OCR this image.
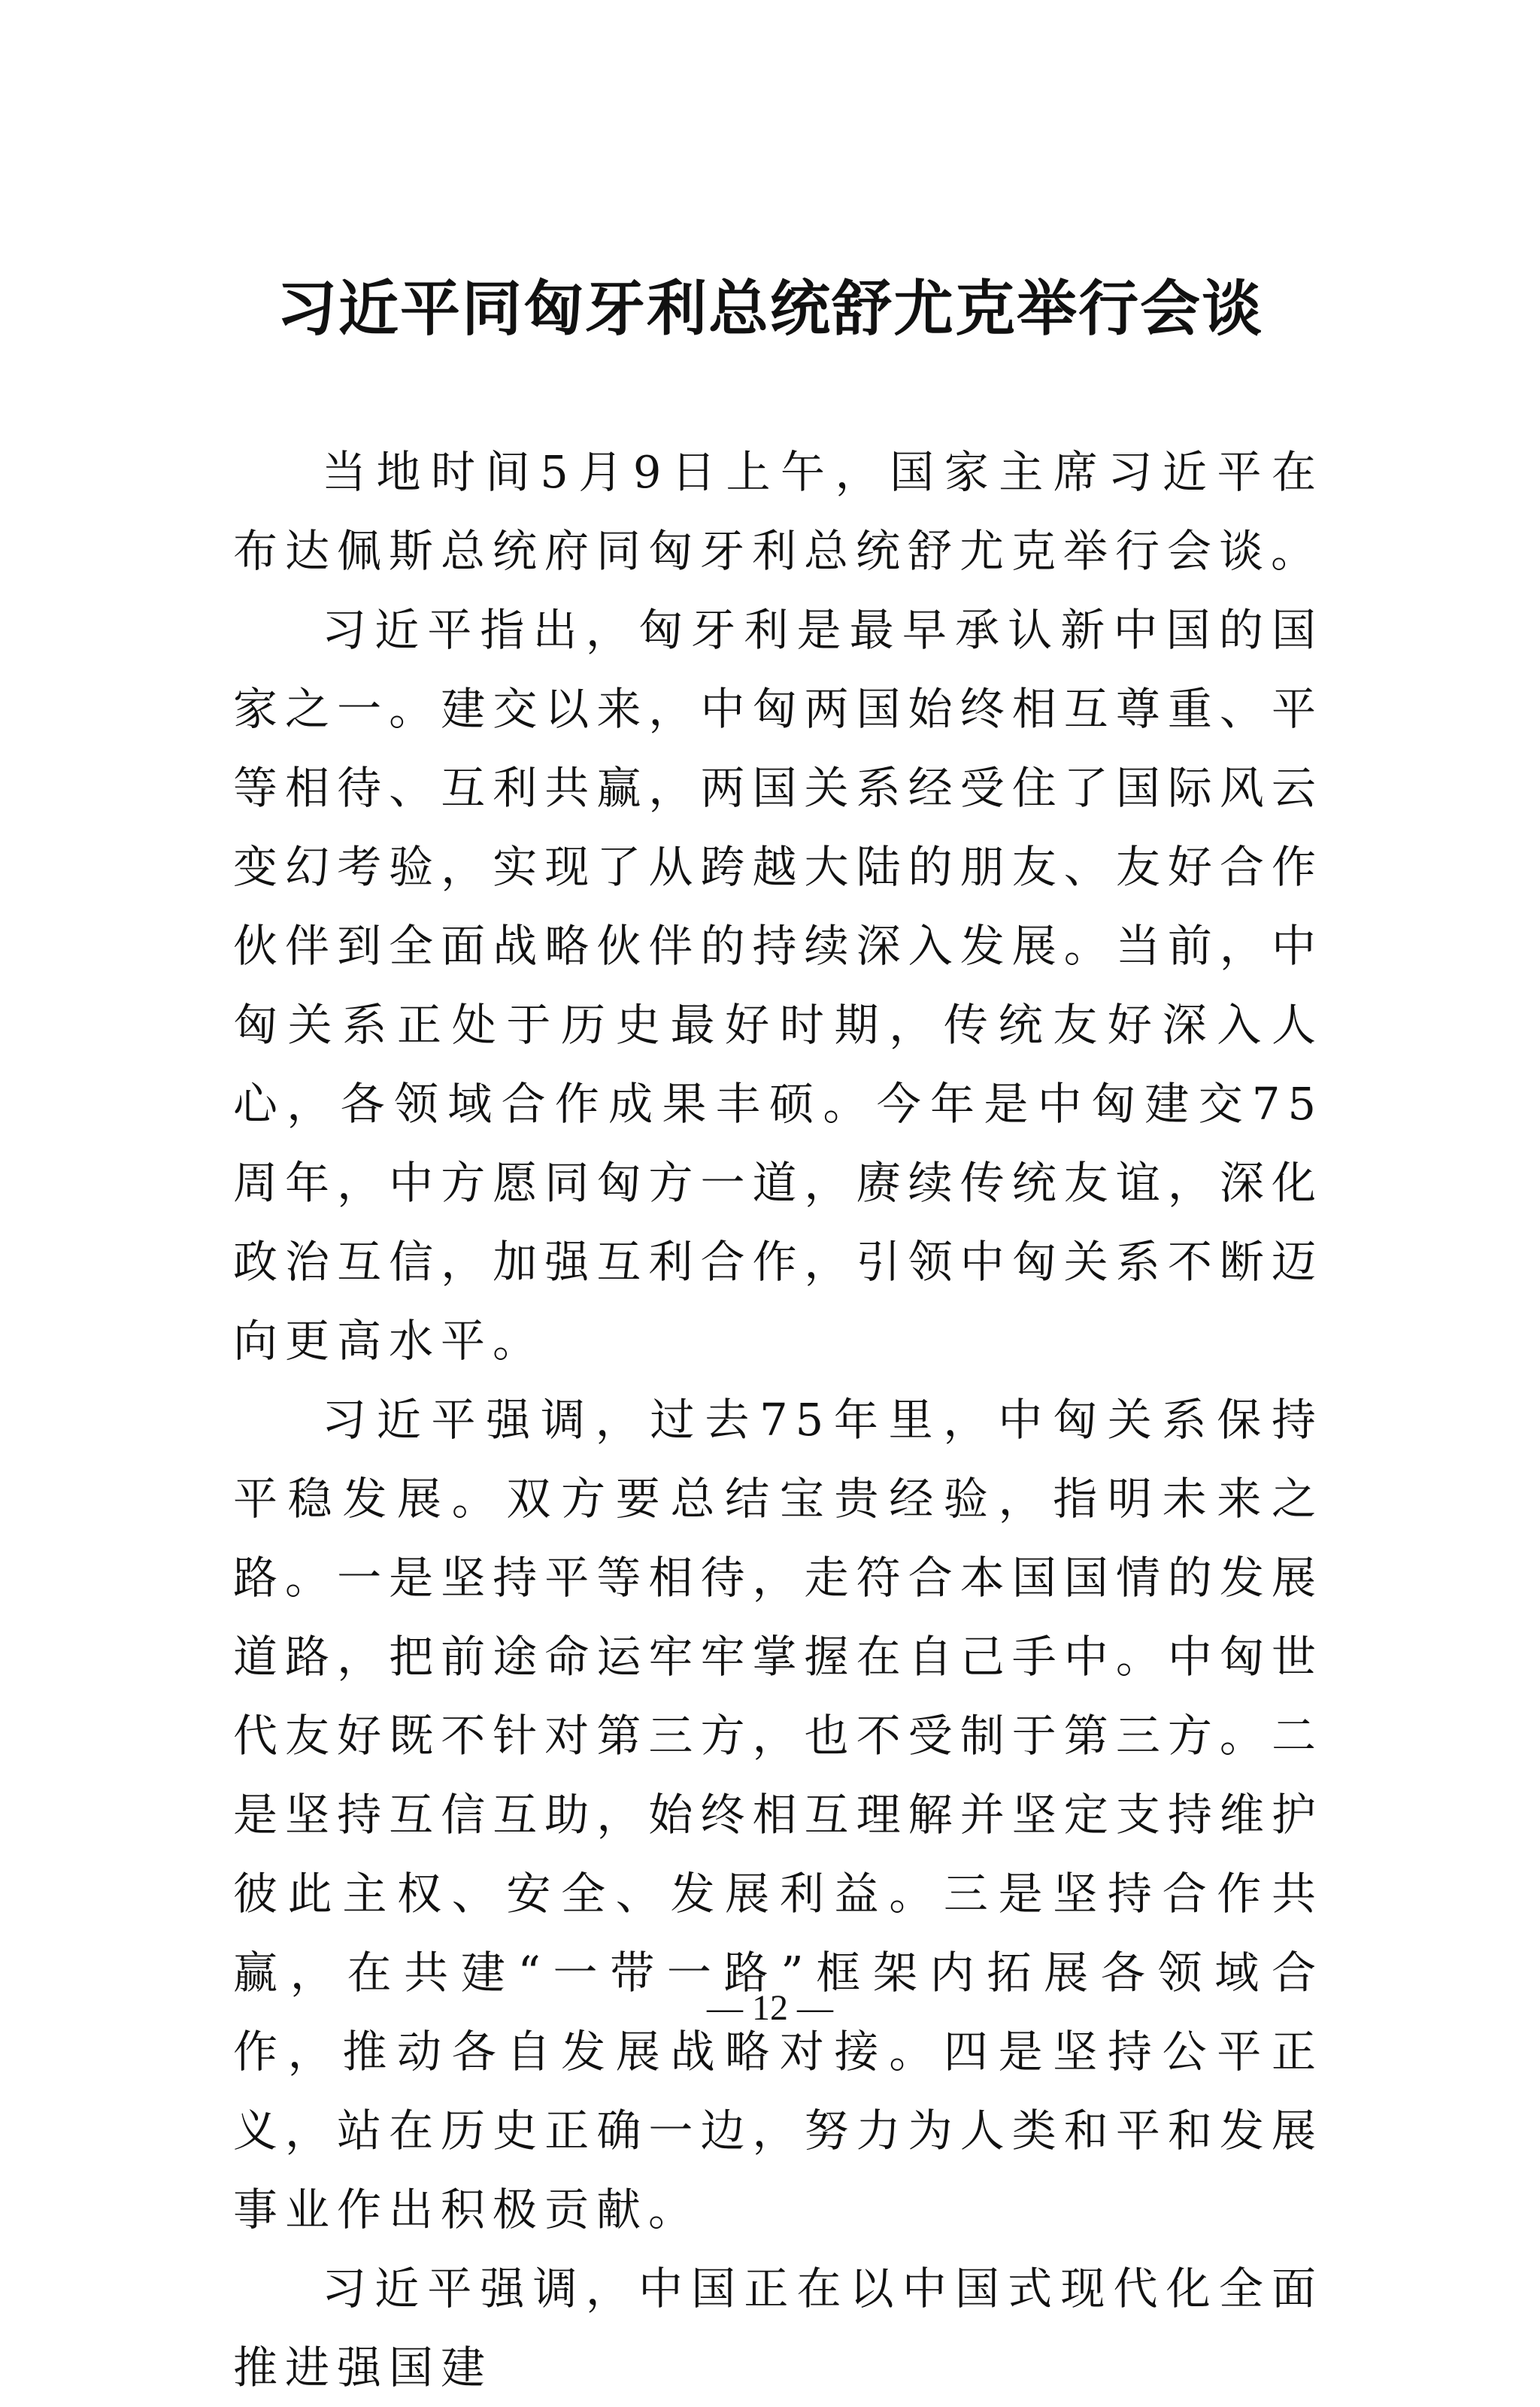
习近平同匈牙利总统舒尤克举行会谈

当地时间5月9日上午，国家主席习近平在布达佩斯总统府同匈牙利总统舒尤克举行会谈。

习近平指出，匈牙利是最早承认新中国的国家之一。建交以来，中匈两国始终相互尊重、平等相待、互利共赢，两国关系经受住了国际风云变幻考验，实现了从跨越大陆的朋友、友好合作伙伴到全面战略伙伴的持续深入发展。当前，中匈关系正处于历史最好时期，传统友好深入人心，各领域合作成果丰硕。今年是中匈建交75周年，中方愿同匈方一道，赓续传统友谊，深化政治互信，加强互利合作，引领中匈关系不断迈向更高水平。

习近平强调，过去75年里，中匈关系保持平稳发展。双方要总结宝贵经验，指明未来之路。一是坚持平等相待，走符合本国国情的发展道路，把前途命运牢牢掌握在自己手中。中匈世代友好既不针对第三方，也不受制于第三方。二是坚持互信互助，始终相互理解并坚定支持维护彼此主权、安全、发展利益。三是坚持合作共赢，在共建“一带一路”框架内拓展各领域合作，推动各自发展战略对接。四是坚持公平正义，站在历史正确一边，努力为人类和平和发展事业作出积极贡献。

习近平强调，中国正在以中国式现代化全面推进强国建

— 12 —
